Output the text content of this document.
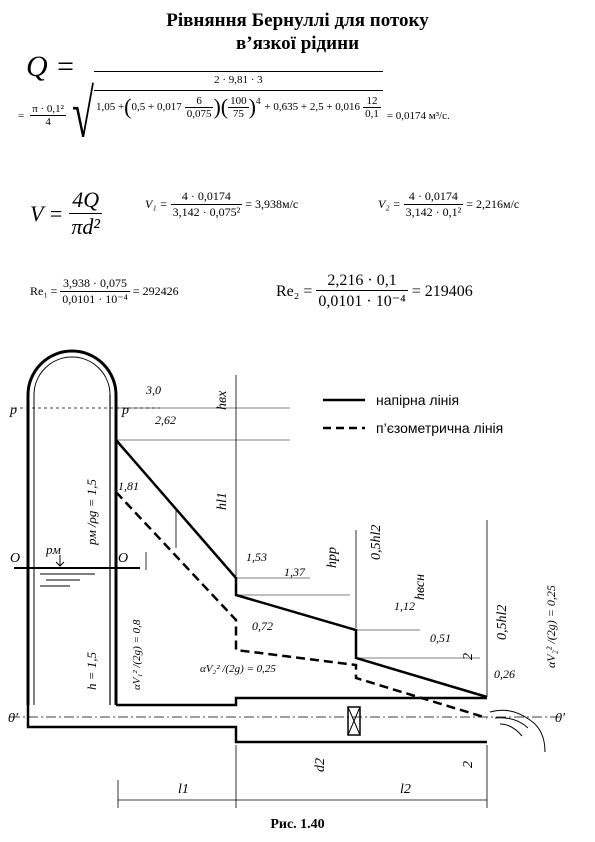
Рівняння Бернуллі для потоку
в’язкої рідини
Q =
= $\frac{\text{π · 0,1²}}{4}$ √	2 · 9,81 · 3
1,05 + ( $0,5 + 0,017 \frac{6}{0,075}$ ) ( $\frac{100}{75}$ ) $4 + 0,635 + 2,5 + 0,016 \frac{12}{0,1} = 0,0174$ м³/с.
$V = \frac{4Q}{\text{πd²}}$	$V_1 = \frac{4 \cdot 0,0174}{\text{3,142 · 0,075²}} = 3,938м/с$	$V_2 = \frac{4 \cdot 0,0174}{\text{3,142 · 0,1²}} = 2,216м/с$
$Re_1 = \frac{3,938 \cdot 0,075}{\text{0,0101 · 10⁻⁴}} = 292426$	$Re_2 = \frac{2,216 \cdot 0,1}{\text{0,0101 · 10⁻⁴}} = 219406$
p	p
O	O
0′	0′
pм
pм /ρg = 1,5
h = 1,5	αV₁² /(2g) = 0,8	αV₂² /(2g) = 0,25
αV₂² /(2g) = 0,25
3,0
2,62
1,81
1,53
1,37
1,12
0,72
0,51
0,26
hвх
hl1
hрр 0,5hl2
hвсн
0,5hl2
d2
l1	l2
2
2
напірна лінія
п’єзометрична лінія
Рис. 1.40
